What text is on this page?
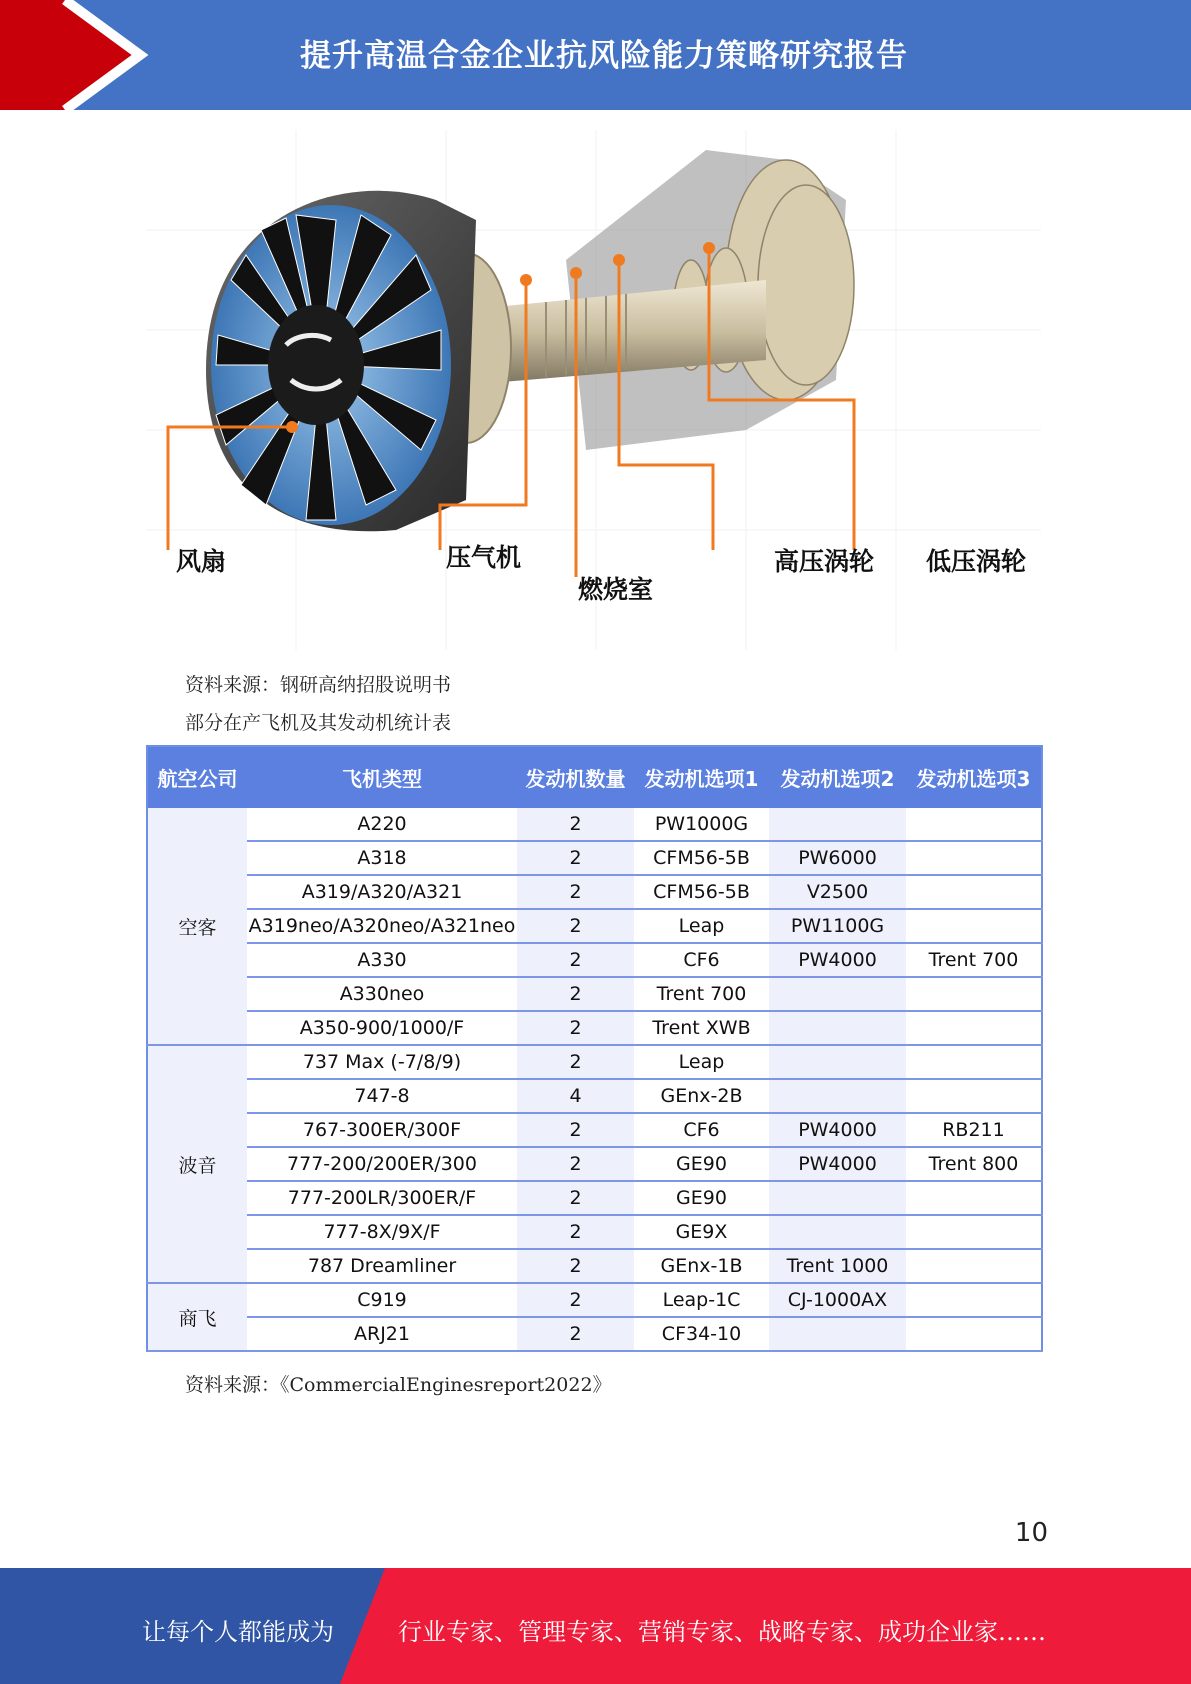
提升高温合金企业抗风险能力策略研究报告
风扇	压气机
燃烧室
高压涡轮 低压涡轮
资料来源：钢研高纳招股说明书
部分在产飞机及其发动机统计表
航空公司	飞机类型	发动机数量	发动机选项1	发动机选项2	发动机选项3
空客	A220	2	PW1000G		
	A318	2	CFM56-5B	PW6000	
	A319/A320/A321	2	CFM56-5B	V2500	
	A319neo/A320neo/A321neo	2	Leap	PW1100G	
	A330	2	CF6	PW4000	Trent 700
	A330neo	2	Trent 700		
	A350-900/1000/F	2	Trent XWB		
波音	737 Max (-7/8/9)	2	Leap		
	747-8	4	GEnx-2B		
	767-300ER/300F	2	CF6	PW4000	RB211
	777-200/200ER/300	2	GE90	PW4000	Trent 800
	777-200LR/300ER/F	2	GE90		
	777-8X/9X/F	2	GE9X		
	787 Dreamliner	2	GEnx-1B	Trent 1000	
商飞	C919	2	Leap-1C	CJ-1000AX	
	ARJ21	2	CF34-10		
资料来源：《CommercialEnginesreport2022》
10
让每个人都能成为	行业专家、管理专家、营销专家、战略专家、成功企业家……
